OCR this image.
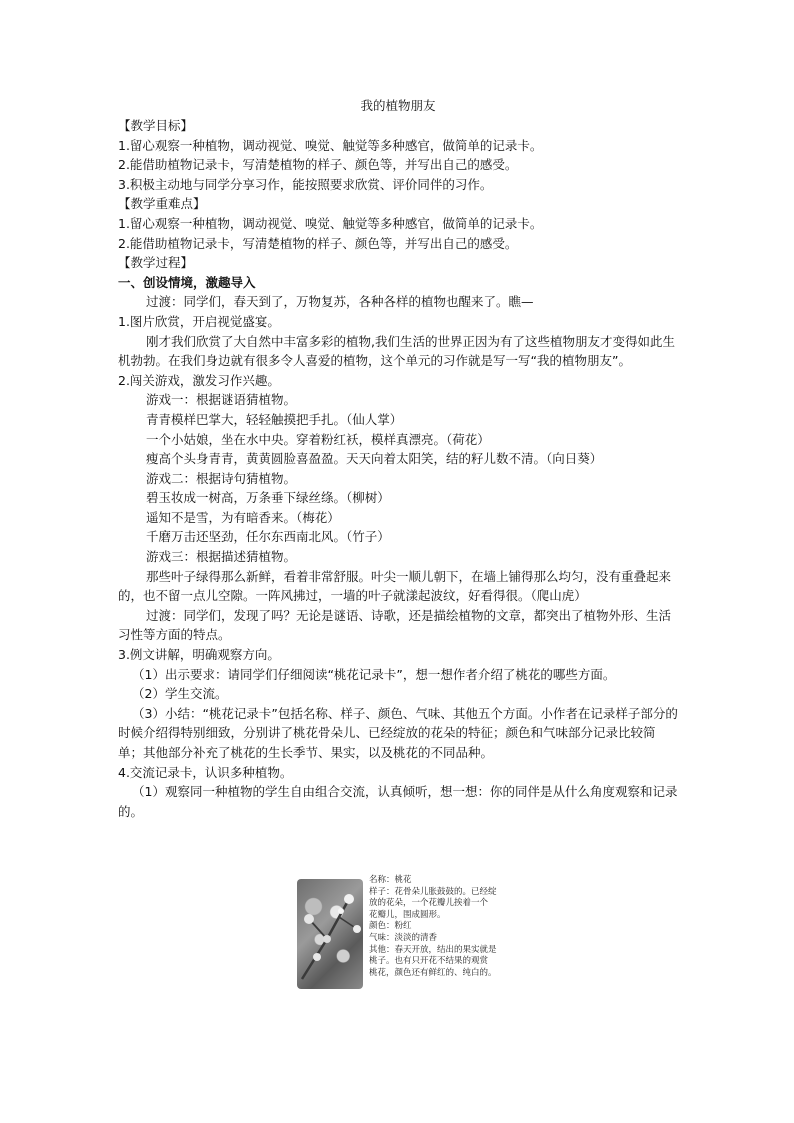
我的植物朋友

【教学目标】

1.留心观察一种植物，调动视觉、嗅觉、触觉等多种感官，做简单的记录卡。

2.能借助植物记录卡，写清楚植物的样子、颜色等，并写出自己的感受。

3.积极主动地与同学分享习作，能按照要求欣赏、评价同伴的习作。

【教学重难点】

1.留心观察一种植物，调动视觉、嗅觉、触觉等多种感官，做简单的记录卡。

2.能借助植物记录卡，写清楚植物的样子、颜色等，并写出自己的感受。

【教学过程】

一、创设情境，激趣导入

过渡：同学们，春天到了，万物复苏，各种各样的植物也醒来了。瞧—

1.图片欣赏，开启视觉盛宴。

刚才我们欣赏了大自然中丰富多彩的植物,我们生活的世界正因为有了这些植物朋友才变得如此生机勃勃。在我们身边就有很多令人喜爱的植物，这个单元的习作就是写一写“我的植物朋友”。

2.闯关游戏，激发习作兴趣。

游戏一：根据谜语猜植物。

青青模样巴掌大，轻轻触摸把手扎。（仙人掌）

一个小姑娘，坐在水中央。穿着粉红袄，模样真漂亮。（荷花）

瘦高个头身青青，黄黄圆脸喜盈盈。天天向着太阳笑，结的籽儿数不清。（向日葵）

游戏二：根据诗句猜植物。

碧玉妆成一树高，万条垂下绿丝绦。（柳树）

遥知不是雪，为有暗香来。（梅花）

千磨万击还坚劲，任尔东西南北风。（竹子）

游戏三：根据描述猜植物。

那些叶子绿得那么新鲜，看着非常舒服。叶尖一顺儿朝下，在墙上铺得那么均匀，没有重叠起来的，也不留一点儿空隙。一阵风拂过，一墙的叶子就漾起波纹，好看得很。（爬山虎）

过渡：同学们，发现了吗？无论是谜语、诗歌，还是描绘植物的文章，都突出了植物外形、生活习性等方面的特点。

3.例文讲解，明确观察方向。

（1）出示要求：请同学们仔细阅读“桃花记录卡”，想一想作者介绍了桃花的哪些方面。

（2）学生交流。

（3）小结：“桃花记录卡”包括名称、样子、颜色、气味、其他五个方面。小作者在记录样子部分的时候介绍得特别细致，分别讲了桃花骨朵儿、已经绽放的花朵的特征；颜色和气味部分记录比较简单；其他部分补充了桃花的生长季节、果实，以及桃花的不同品种。

4.交流记录卡，认识多种植物。

（1）观察同一种植物的学生自由组合交流，认真倾听，想一想：你的同伴是从什么角度观察和记录的。

名称：桃花

样子：花骨朵儿胀鼓鼓的。已经绽

放的花朵，一个花瓣儿挨着一个

花瓣儿，围成圆形。

颜色：粉红

气味：淡淡的清香

其他：春天开放，结出的果实就是

桃子。也有只开花不结果的观赏

桃花，颜色还有鲜红的、纯白的。
